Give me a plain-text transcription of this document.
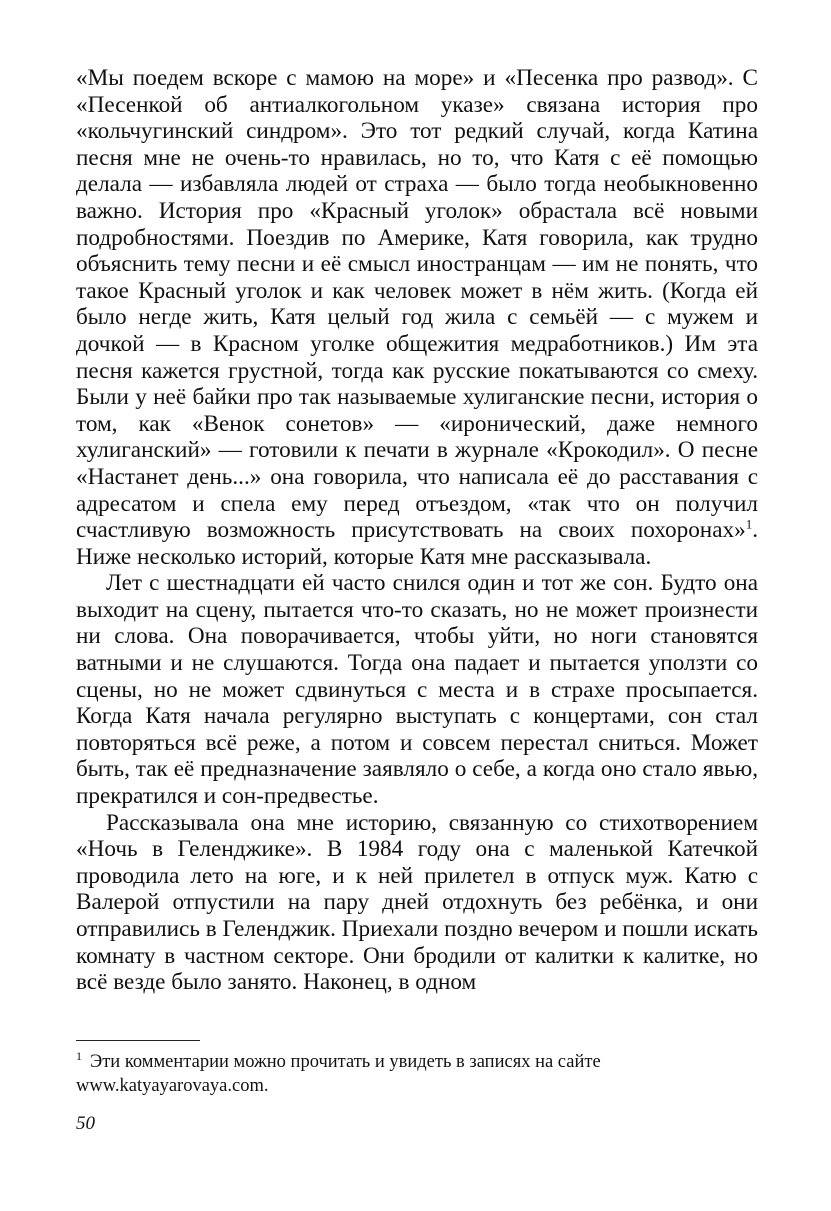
«Мы поедем вскоре с мамою на море» и «Песенка про развод». С «Песенкой об антиалкогольном указе» связана история про «кольчугинский синдром». Это тот редкий случай, когда Катина песня мне не очень-то нравилась, но то, что Катя с её помощью делала — избавляла людей от страха — было тогда необыкновенно важно. История про «Красный уголок» обрастала всё новыми подробностями. Поездив по Америке, Катя говорила, как трудно объяснить тему песни и её смысл иностранцам — им не понять, что такое Красный уголок и как человек может в нём жить. (Когда ей было негде жить, Катя целый год жила с семьёй — с мужем и дочкой — в Красном уголке общежития медработников.) Им эта песня кажется грустной, тогда как русские покатываются со смеху. Были у неё байки про так называемые хулиганские песни, история о том, как «Венок сонетов» — «иронический, даже немного хулиганский» — готовили к печати в журнале «Крокодил». О песне «Настанет день...» она говорила, что написала её до расставания с адресатом и спела ему перед отъездом, «так что он получил счастливую возможность присутствовать на своих похоронах»$^1$. Ниже несколько историй, которые Катя мне рассказывала.

Лет с шестнадцати ей часто снился один и тот же сон. Будто она выходит на сцену, пытается что-то сказать, но не может произнести ни слова. Она поворачивается, чтобы уйти, но ноги становятся ватными и не слушаются. Тогда она падает и пытается уползти со сцены, но не может сдвинуться с места и в страхе просыпается. Когда Катя начала регулярно выступать с концертами, сон стал повторяться всё реже, а потом и совсем перестал сниться. Может быть, так её предназначение заявляло о себе, а когда оно стало явью, прекратился и сон-предвестье.

Рассказывала она мне историю, связанную со стихотворением «Ночь в Геленджике». В 1984 году она с маленькой Катечкой проводила лето на юге, и к ней прилетел в отпуск муж. Катю с Валерой отпустили на пару дней отдохнуть без ребёнка, и они отправились в Геленджик. Приехали поздно вечером и пошли искать комнату в частном секторе. Они бродили от калитки к калитке, но всё везде было занято. Наконец, в одном

$^1$ Эти комментарии можно прочитать и увидеть в записях на сайте www.katyayarovaya.com.
50
